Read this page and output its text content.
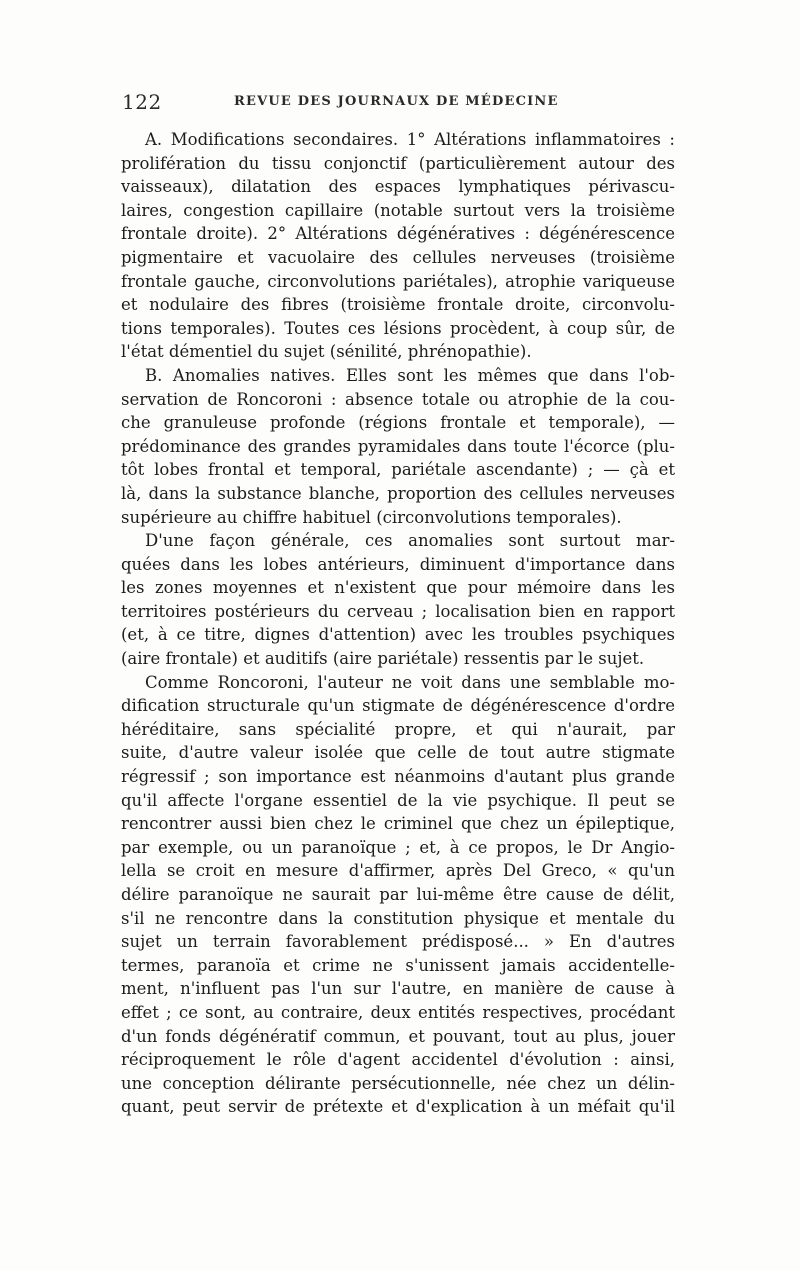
122	REVUE DES JOURNAUX DE MÉDECINE
A. Modifications secondaires. 1° Altérations inflammatoires :
prolifération du tissu conjonctif (particulièrement autour des
vaisseaux), dilatation des espaces lymphatiques périvascu-
laires, congestion capillaire (notable surtout vers la troisième
frontale droite). 2° Altérations dégénératives : dégénérescence
pigmentaire et vacuolaire des cellules nerveuses (troisième
frontale gauche, circonvolutions pariétales), atrophie variqueuse
et nodulaire des fibres (troisième frontale droite, circonvolu-
tions temporales). Toutes ces lésions procèdent, à coup sûr, de
l'état démentiel du sujet (sénilité, phrénopathie).
B. Anomalies natives. Elles sont les mêmes que dans l'ob-
servation de Roncoroni : absence totale ou atrophie de la cou-
che granuleuse profonde (régions frontale et temporale), —
prédominance des grandes pyramidales dans toute l'écorce (plu-
tôt lobes frontal et temporal, pariétale ascendante) ; — çà et
là, dans la substance blanche, proportion des cellules nerveuses
supérieure au chiffre habituel (circonvolutions temporales).
D'une façon générale, ces anomalies sont surtout mar-
quées dans les lobes antérieurs, diminuent d'importance dans
les zones moyennes et n'existent que pour mémoire dans les
territoires postérieurs du cerveau ; localisation bien en rapport
(et, à ce titre, dignes d'attention) avec les troubles psychiques
(aire frontale) et auditifs (aire pariétale) ressentis par le sujet.
Comme Roncoroni, l'auteur ne voit dans une semblable mo-
dification structurale qu'un stigmate de dégénérescence d'ordre
héréditaire, sans spécialité propre, et qui n'aurait, par
suite, d'autre valeur isolée que celle de tout autre stigmate
régressif ; son importance est néanmoins d'autant plus grande
qu'il affecte l'organe essentiel de la vie psychique. Il peut se
rencontrer aussi bien chez le criminel que chez un épileptique,
par exemple, ou un paranoïque ; et, à ce propos, le Dr Angio-
lella se croit en mesure d'affirmer, après Del Greco, « qu'un
délire paranoïque ne saurait par lui-même être cause de délit,
s'il ne rencontre dans la constitution physique et mentale du
sujet un terrain favorablement prédisposé... » En d'autres
termes, paranoïa et crime ne s'unissent jamais accidentelle-
ment, n'influent pas l'un sur l'autre, en manière de cause à
effet ; ce sont, au contraire, deux entités respectives, procédant
d'un fonds dégénératif commun, et pouvant, tout au plus, jouer
réciproquement le rôle d'agent accidentel d'évolution : ainsi,
une conception délirante persécutionnelle, née chez un délin-
quant, peut servir de prétexte et d'explication à un méfait qu'il
